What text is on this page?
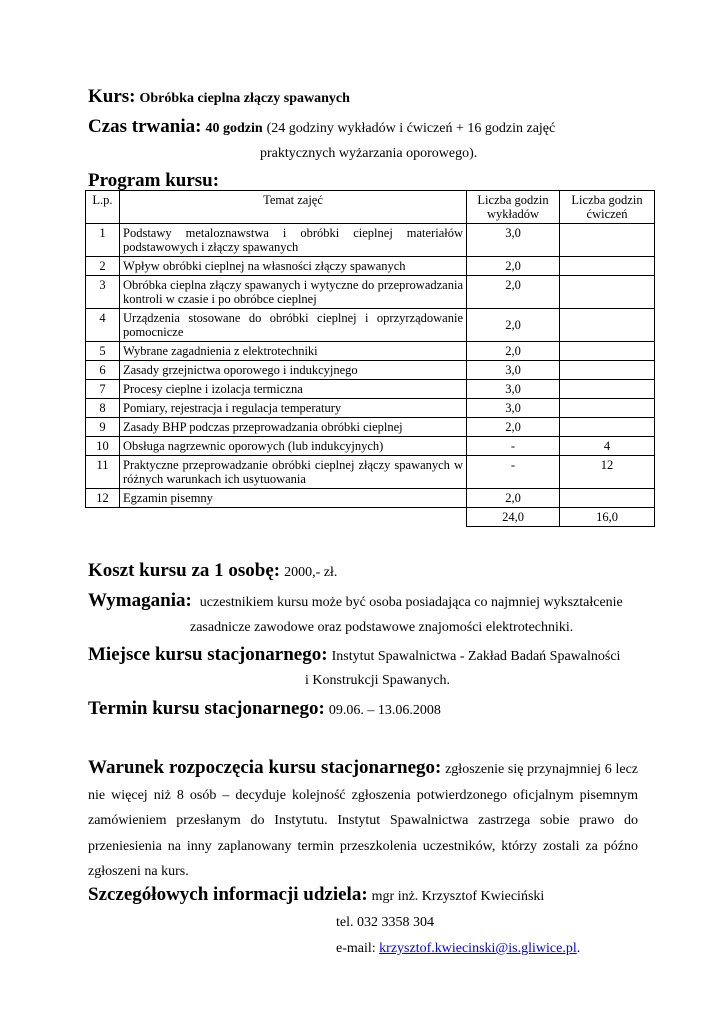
Kurs: Obróbka cieplna złączy spawanych
Czas trwania: 40 godzin (24 godziny wykładów i ćwiczeń + 16 godzin zajęć
praktycznych wyżarzania oporowego).
Program kursu:
L.p.	Temat zajęć	Liczba godzin wykładów	Liczba godzin ćwiczeń
1	Podstawy metaloznawstwa i obróbki cieplnej materiałów podstawowych i złączy spawanych	3,0	
2	Wpływ obróbki cieplnej na własności złączy spawanych	2,0	
3	Obróbka cieplna złączy spawanych i wytyczne do przeprowadzania kontroli w czasie i po obróbce cieplnej	2,0	
4	Urządzenia stosowane do obróbki cieplnej i oprzyrządowanie pomocnicze	2,0	
5	Wybrane zagadnienia z elektrotechniki	2,0	
6	Zasady grzejnictwa oporowego i indukcyjnego	3,0	
7	Procesy cieplne i izolacja termiczna	3,0	
8	Pomiary, rejestracja i regulacja temperatury	3,0	
9	Zasady BHP podczas przeprowadzania obróbki cieplnej	2,0	
10	Obsługa nagrzewnic oporowych (lub indukcyjnych)	-	4
11	Praktyczne przeprowadzanie obróbki cieplnej złączy spawanych w różnych warunkach ich usytuowania	-	12
12	Egzamin pisemny	2,0	
		24,0	16,0
Koszt kursu za 1 osobę: 2000,- zł.
Wymagania: uczestnikiem kursu może być osoba posiadająca co najmniej wykształcenie
zasadnicze zawodowe oraz podstawowe znajomości elektrotechniki.
Miejsce kursu stacjonarnego: Instytut Spawalnictwa - Zakład Badań Spawalności
i Konstrukcji Spawanych.
Termin kursu stacjonarnego: 09.06. – 13.06.2008
Warunek rozpoczęcia kursu stacjonarnego: zgłoszenie się przynajmniej 6 lecz nie więcej niż 8 osób – decyduje kolejność zgłoszenia potwierdzonego oficjalnym pisemnym zamówieniem przesłanym do Instytutu. Instytut Spawalnictwa zastrzega sobie prawo do przeniesienia na inny zaplanowany termin przeszkolenia uczestników, którzy zostali za późno zgłoszeni na kurs.
Szczegółowych informacji udziela: mgr inż. Krzysztof Kwieciński
tel. 032 3358 304
e-mail: krzysztof.kwiecinski@is.gliwice.pl.
